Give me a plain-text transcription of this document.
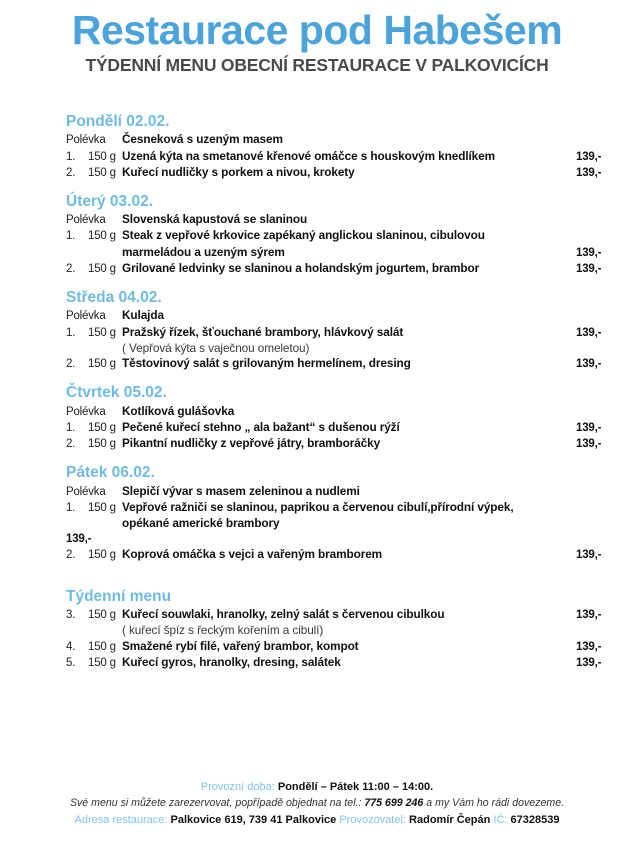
Restaurace pod Habešem
TÝDENNÍ MENU OBECNÍ RESTAURACE V PALKOVICÍCH
Pondělí 02.02.
Polévka	Česneková s uzeným masem
1.	150 g Uzená kýta na smetanové křenové omáčce s houskovým knedlíkem	139,-
2.	150 g Kuřecí nudličky s porkem a nivou, krokety	139,-
Úterý 03.02.
Polévka	Slovenská kapustová se slaninou
1.	150 g Steak z vepřové krkovice zapékaný anglickou slaninou, cibulovou
marmeládou a uzeným sýrem	139,-
2.	150 g Grilované ledvinky se slaninou a holandským jogurtem, brambor	139,-
Středa 04.02.
Polévka	Kulajda
1.	150 g Pražský řízek, šťouchané brambory, hlávkový salát	139,-
( Vepřová kýta s vaječnou omeletou)
2.	150 g Těstovinový salát s grilovaným hermelínem, dresing	139,-
Čtvrtek 05.02.
Polévka	Kotlíková gulášovka
1.	150 g Pečené kuřecí stehno „ ala bažant“ s dušenou rýží	139,-
2.	150 g Pikantní nudličky z vepřové játry, bramboráčky	139,-
Pátek 06.02.
Polévka	Slepičí vývar s masem zeleninou a nudlemi
1.	150 g Vepřové ražniči se slaninou, paprikou a červenou cibulí,přírodní výpek,
opékané americké brambory
139,-
2.	150 g Koprová omáčka s vejci a vařeným bramborem	139,-
Týdenní menu
3.	150 g Kuřecí souwlaki, hranolky, zelný salát s červenou cibulkou	139,-
( kuřecí špíz s řeckým kořením a cibulí)
4.	150 g Smažené rybí filé, vařený brambor, kompot	139,-
5.	150 g Kuřecí gyros, hranolky, dresing, salátek	139,-
Provozní doba: Pondělí – Pátek 11:00 – 14:00.
Své menu si můžete zarezervovat, popřípadě objednat na tel.: 775 699 246 a my Vám ho rádi dovezeme.
Adresa restaurace: Palkovice 619, 739 41 Palkovice Provozovatel: Radomír Čepán IČ: 67328539
